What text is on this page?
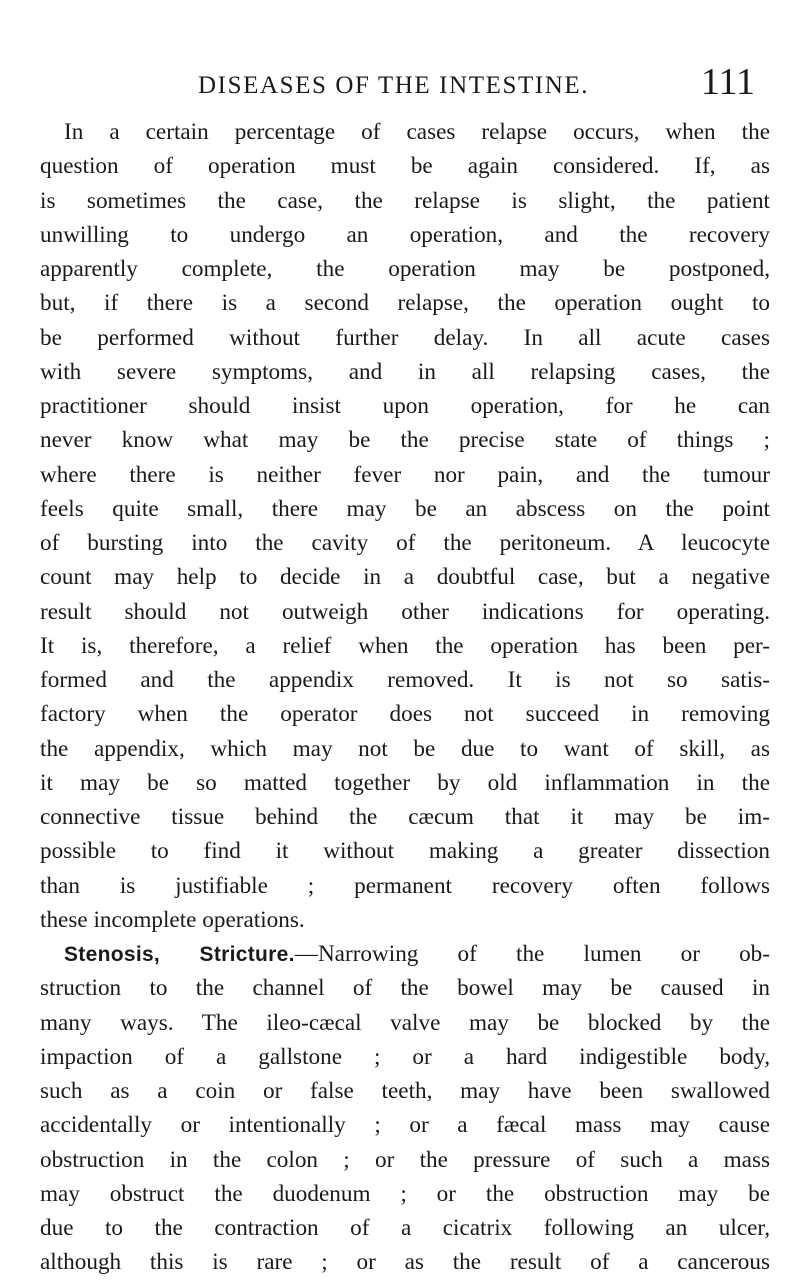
DISEASES OF THE INTESTINE.	111
In a certain percentage of cases relapse occurs, when the
question of operation must be again considered. If, as
is sometimes the case, the relapse is slight, the patient
unwilling to undergo an operation, and the recovery
apparently complete, the operation may be postponed,
but, if there is a second relapse, the operation ought to
be performed without further delay. In all acute cases
with severe symptoms, and in all relapsing cases, the
practitioner should insist upon operation, for he can
never know what may be the precise state of things ;
where there is neither fever nor pain, and the tumour
feels quite small, there may be an abscess on the point
of bursting into the cavity of the peritoneum. A leucocyte
count may help to decide in a doubtful case, but a negative
result should not outweigh other indications for operating.
It is, therefore, a relief when the operation has been per-
formed and the appendix removed. It is not so satis-
factory when the operator does not succeed in removing
the appendix, which may not be due to want of skill, as
it may be so matted together by old inflammation in the
connective tissue behind the cæcum that it may be im-
possible to find it without making a greater dissection
than is justifiable ; permanent recovery often follows
these incomplete operations.
Stenosis, Stricture.—Narrowing of the lumen or ob-
struction to the channel of the bowel may be caused in
many ways. The ileo-cæcal valve may be blocked by the
impaction of a gallstone ; or a hard indigestible body,
such as a coin or false teeth, may have been swallowed
accidentally or intentionally ; or a fæcal mass may cause
obstruction in the colon ; or the pressure of such a mass
may obstruct the duodenum ; or the obstruction may be
due to the contraction of a cicatrix following an ulcer,
although this is rare ; or as the result of a cancerous
